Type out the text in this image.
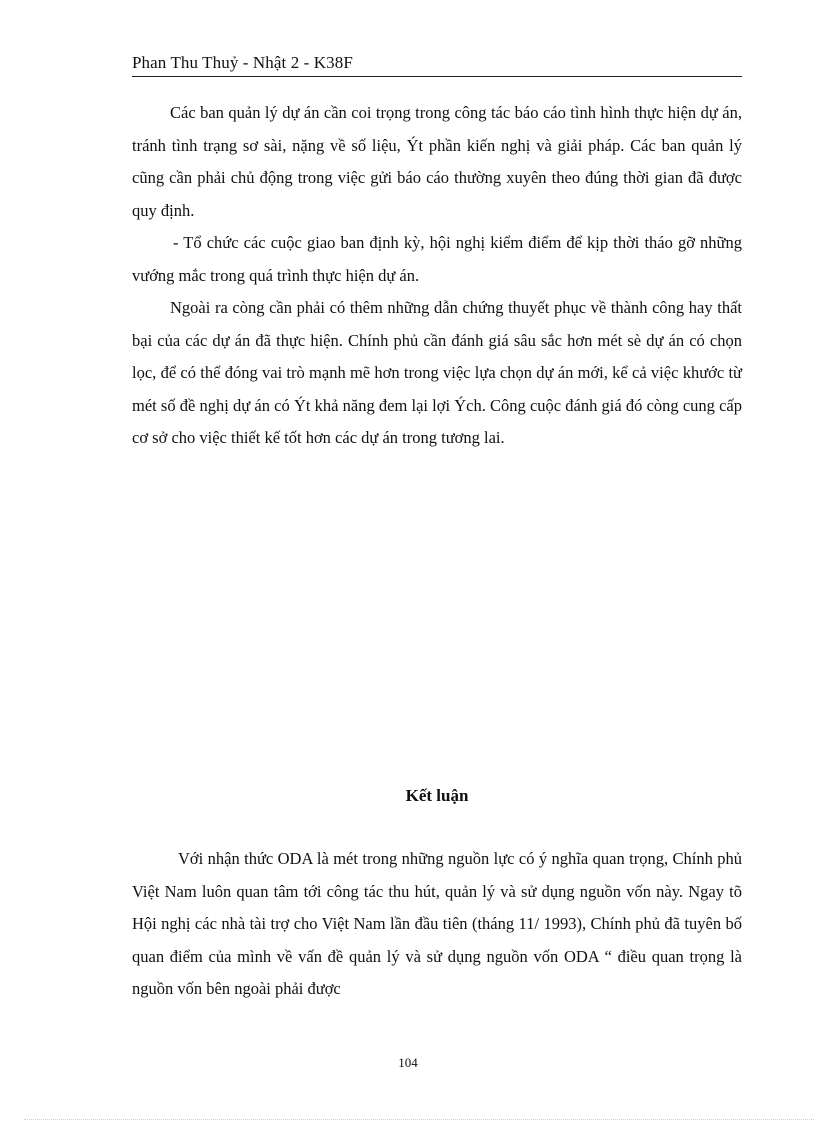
Phan Thu Thuỷ - Nhật 2 - K38F

Các ban quản lý dự án cần coi trọng trong công tác báo cáo tình hình thực hiện dự án, tránh tình trạng sơ sài, nặng về số liệu, Ýt phần kiến nghị và giải pháp. Các ban quản lý cũng cần phải chủ động trong việc gửi báo cáo thường xuyên theo đúng thời gian đã được quy định.

- Tổ chức các cuộc giao ban định kỳ, hội nghị kiểm điểm để kịp thời tháo gỡ những vướng mắc trong quá trình thực hiện dự án.

Ngoài ra còng cần phải có thêm những dẫn chứng thuyết phục về thành công hay thất bại của các dự án đã thực hiện. Chính phủ cần đánh giá sâu sắc hơn mét sè dự án có chọn lọc, để có thể đóng vai trò mạnh mẽ hơn trong việc lựa chọn dự án mới, kể cả việc khước từ mét số đề nghị dự án có Ýt khả năng đem lại lợi Ých. Công cuộc đánh giá đó còng cung cấp cơ sở cho việc thiết kế tốt hơn các dự án trong tương lai.

Kết luận

Với nhận thức ODA là mét trong những nguồn lực có ý nghĩa quan trọng, Chính phủ Việt Nam luôn quan tâm tới công tác thu hút, quản lý và sử dụng nguồn vốn này. Ngay tõ Hội nghị các nhà tài trợ cho Việt Nam lần đầu tiên (tháng 11/ 1993), Chính phủ đã tuyên bố quan điểm của mình về vấn đề quản lý và sử dụng nguồn vốn ODA “ điều quan trọng là nguồn vốn bên ngoài phải được

104
